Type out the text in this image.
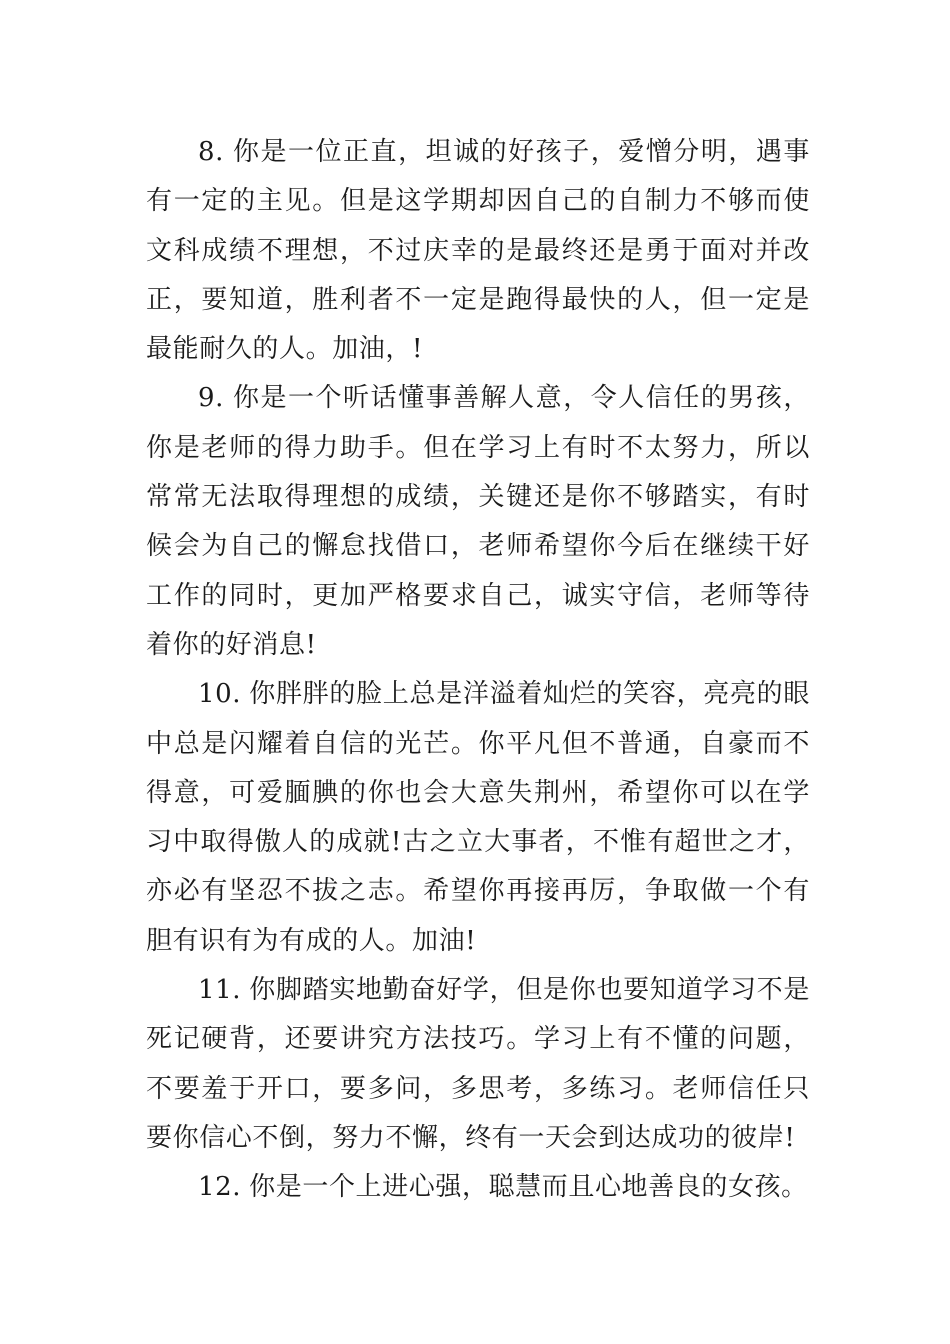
8. 你是一位正直，坦诚的好孩子，爱憎分明，遇事有一定的主见。但是这学期却因自己的自制力不够而使文科成绩不理想，不过庆幸的是最终还是勇于面对并改正，要知道，胜利者不一定是跑得最快的人，但一定是最能耐久的人。加油，!

9. 你是一个听话懂事善解人意，令人信任的男孩，你是老师的得力助手。但在学习上有时不太努力，所以常常无法取得理想的成绩，关键还是你不够踏实，有时候会为自己的懈怠找借口，老师希望你今后在继续干好工作的同时，更加严格要求自己，诚实守信，老师等待着你的好消息!

10. 你胖胖的脸上总是洋溢着灿烂的笑容，亮亮的眼中总是闪耀着自信的光芒。你平凡但不普通，自豪而不得意，可爱腼腆的你也会大意失荆州，希望你可以在学习中取得傲人的成就!古之立大事者，不惟有超世之才，亦必有坚忍不拔之志。希望你再接再厉，争取做一个有胆有识有为有成的人。加油!

11. 你脚踏实地勤奋好学，但是你也要知道学习不是死记硬背，还要讲究方法技巧。学习上有不懂的问题，不要羞于开口，要多问，多思考，多练习。老师信任只要你信心不倒，努力不懈，终有一天会到达成功的彼岸!

12. 你是一个上进心强，聪慧而且心地善良的女孩。
